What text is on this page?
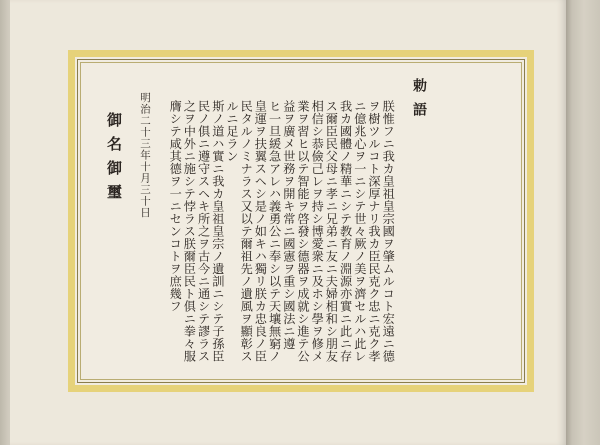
勅語
朕惟フニ我カ皇祖皇宗國ヲ肇ムルコト宏遠ニ德
ヲ樹ツルコト深厚ナリ我カ臣民克ク忠ニ克ク孝
ニ億兆心ヲ一ニシテ世々厥ノ美ヲ濟セルハ此レ
我カ國體ノ精華ニシテ教育ノ淵源亦實ニ此ニ存
ス爾臣民父母ニ孝ニ兄弟ニ友ニ夫婦相和シ朋友
相信シ恭儉己レヲ持シ博愛衆ニ及ホシ學ヲ修メ
業ヲ習ヒ以テ智能ヲ啓發シ德器ヲ成就シ進テ公
益ヲ廣メ世務ヲ開キ常ニ國憲ヲ重シ國法ニ遵
ヒ一旦緩急アレハ義勇公ニ奉シ以テ天壤無窮ノ
皇運ヲ扶翼スヘシ是ノ如キハ獨リ朕カ忠良ノ臣
民タルノミナラス又以テ爾祖先ノ遺風ヲ顯彰ス
ルニ足ラン
斯ノ道ハ實ニ我カ皇祖皇宗ノ遺訓ニシテ子孫臣
民ノ俱ニ遵守スヘキ所之ヲ古今ニ通シテ謬ラス
之ヲ中外ニ施シテ悖ラス朕爾臣民ト俱ニ拳々服
膺シテ咸其德ヲ一ニセンコトヲ庶幾フ
明治二十三年十月三十日
御名御璽
